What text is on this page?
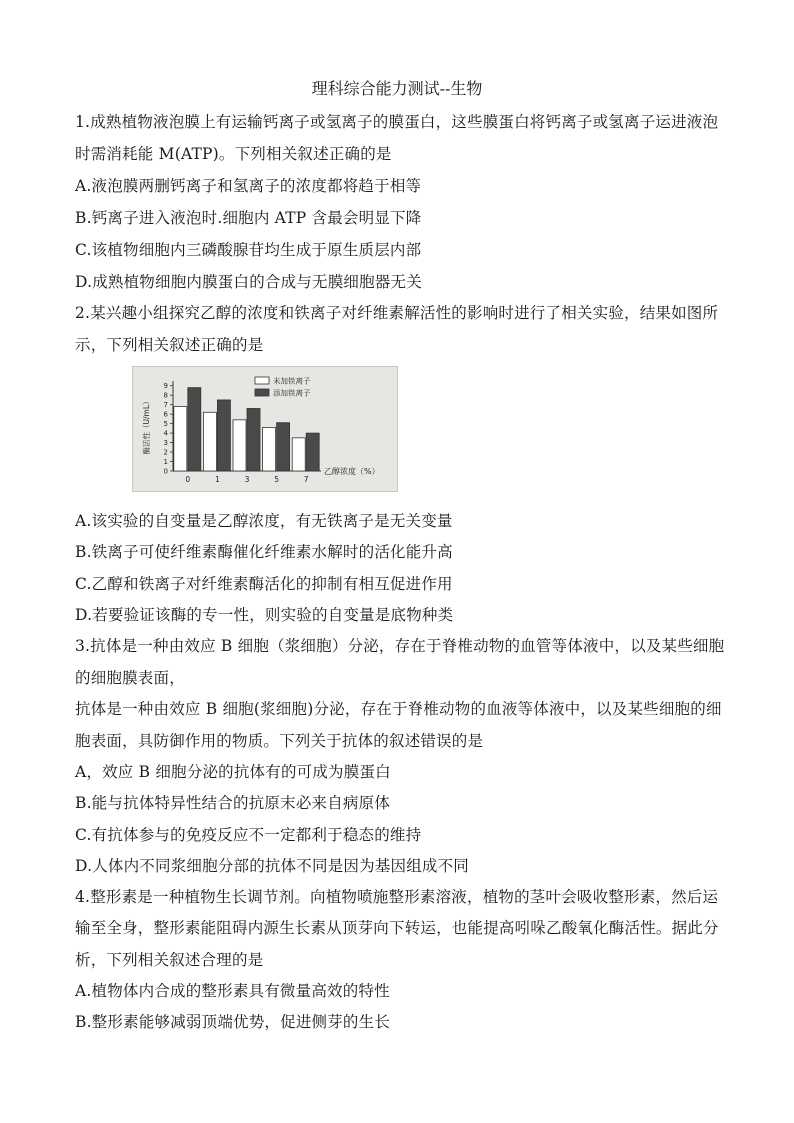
理科综合能力测试--生物
1.成熟植物液泡膜上有运输钙离子或氢离子的膜蛋白，这些膜蛋白将钙离子或氢离子运进液泡
时需消耗能 M(ATP)。下列相关叙述正确的是
A.液泡膜两删钙离子和氢离子的浓度都将趋于相等
B.钙离子进入液泡时.细胞内 ATP 含最会明显下降
C.该植物细胞内三磷酸腺苷均生成于原生质层内部
D.成熟植物细胞内膜蛋白的合成与无膜细胞器无关
2.某兴趣小组探究乙醇的浓度和铁离子对纤维素解活性的影响时进行了相关实验，结果如图所
示，下列相关叙述正确的是
酶活性（U/mL）
0
1
2
3
4
5
6
7
8
9
0	1	3	5	7
乙醇浓度（%）
未加铁离子
添加铁离子
A.该实验的自变量是乙醇浓度，有无铁离子是无关变量
B.铁离子可使纤维素酶催化纤维素水解时的活化能升高
C.乙醇和铁离子对纤维素酶活化的抑制有相互促进作用
D.若要验证该酶的专一性，则实验的自变量是底物种类
3.抗体是一种由效应 B 细胞（浆细胞）分泌，存在于脊椎动物的血管等体液中，以及某些细胞
的细胞膜表面，
抗体是一种由效应 B 细胞(浆细胞)分泌，存在于脊椎动物的血液等体液中，以及某些细胞的细
胞表面，具防御作用的物质。下列关于抗体的叙述错误的是
A，效应 B 细胞分泌的抗体有的可成为膜蛋白
B.能与抗体特异性结合的抗原末必来自病原体
C.有抗体参与的免疫反应不一定都利于稳态的维持
D.人体内不同浆细胞分部的抗体不同是因为基因组成不同
4.整形素是一种植物生长调节剂。向植物喷施整形素溶液，植物的茎叶会吸收整形素，然后运
输至全身，整形素能阻碍内源生长素从顶芽向下转运，也能提高吲哚乙酸氧化酶活性。据此分
析，下列相关叙述合理的是
A.植物体内合成的整形素具有微量高效的特性
B.整形素能够减弱顶端优势，促进侧芽的生长
